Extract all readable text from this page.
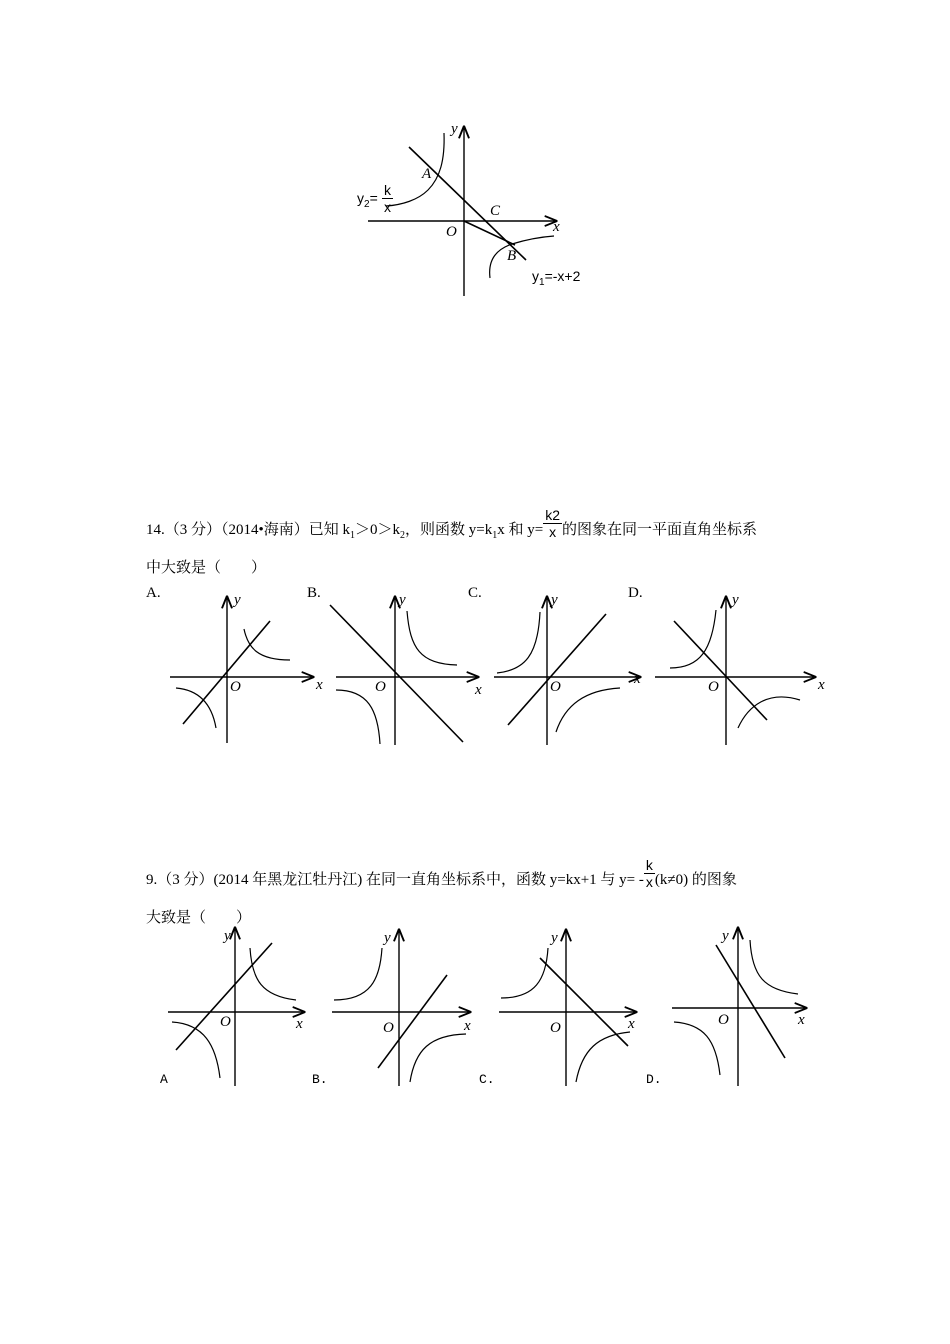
y
x
O
A
B
C
$y_2= \frac{k}{x}$
$y_1=-x+2$
14.（3 分）（2014•海南）已知 $k_1>0>k_2$，则函数 $y=k_1x$ 和 $y= \frac{k2}{x}$ 的图象在同一平面直角坐标系
中大致是（　　）
A.	B.	C.	D.
y
x
O
y
x
O
y
x
O
y
x
O
9.（3 分）(2014 年黑龙江牡丹江) 在同一直角坐标系中，函数 y=kx+1 与 $y= - \frac{k}{x} (k\ne 0)$ 的图象
大致是（　　）
A	B.	C.	D.
y
x
O
y
x
O
y
x
O
y
x
O
